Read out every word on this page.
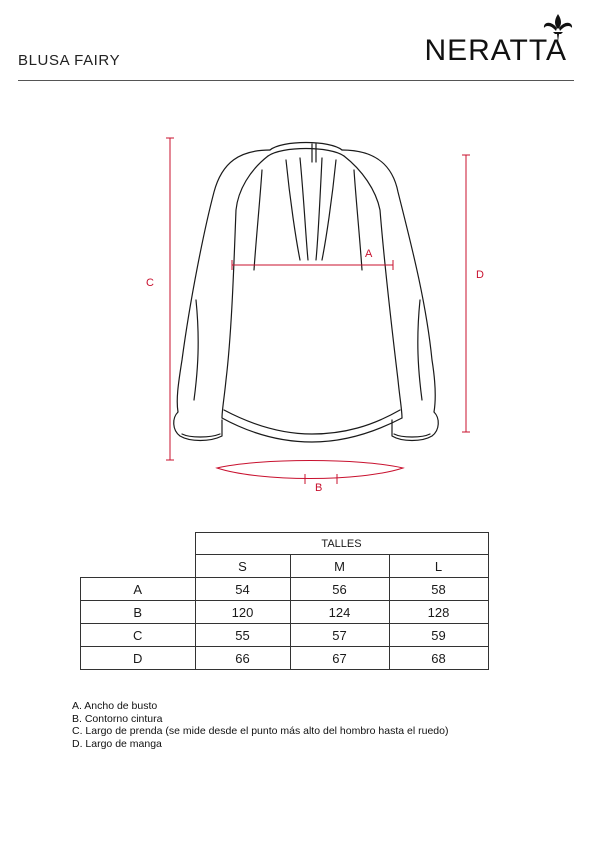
BLUSA FAIRY	NERATTA
A
C
D
B
	TALLES		
	S	M	L
A	54	56	58
B	120	124	128
C	55	57	59
D	66	67	68
A. Ancho de busto
B. Contorno cintura
C. Largo de prenda (se mide desde el punto más alto del hombro hasta el ruedo)
D. Largo de manga
